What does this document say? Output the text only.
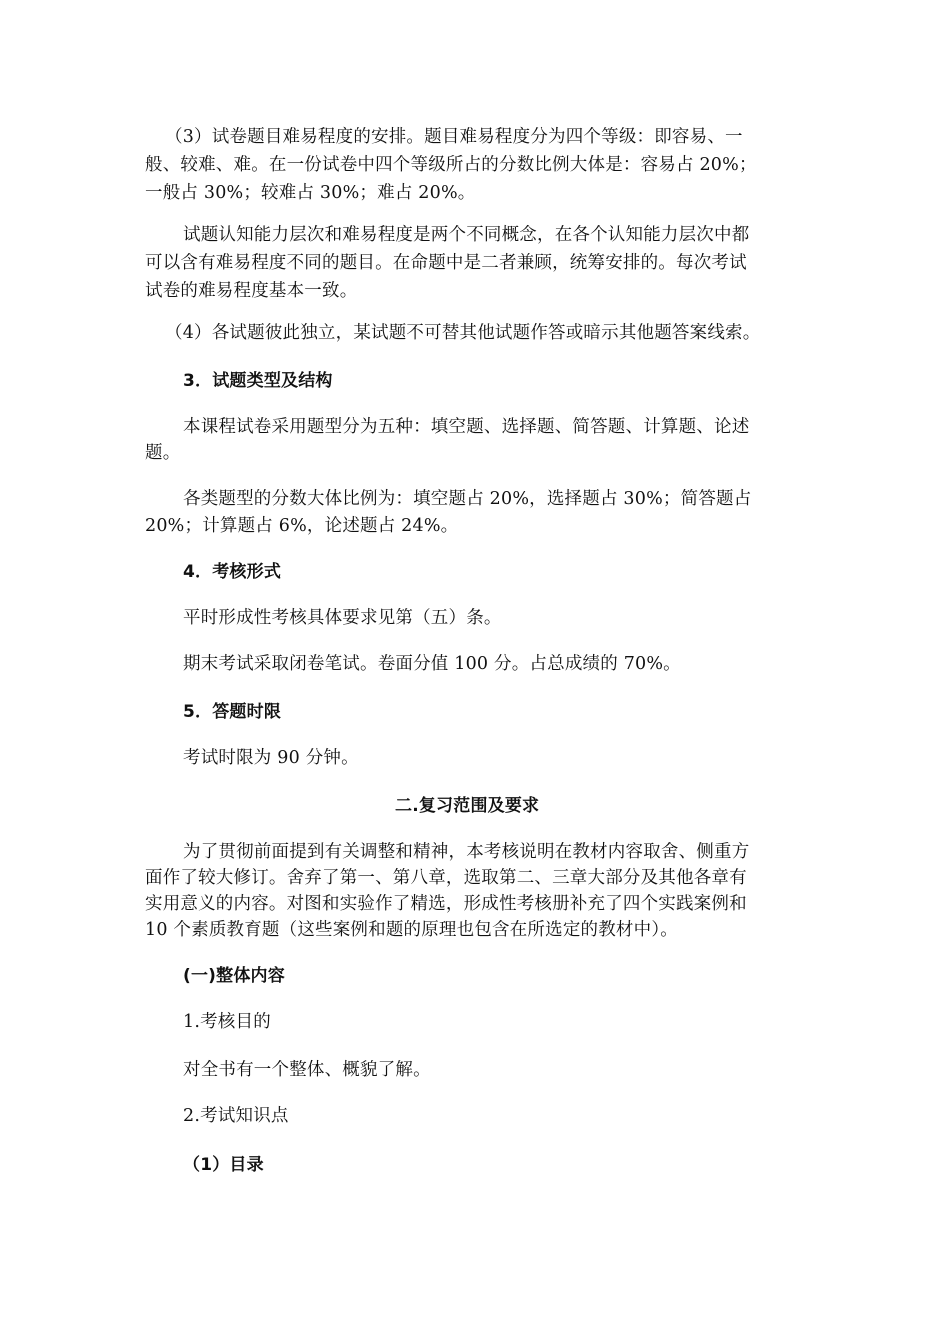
（3）试卷题目难易程度的安排。题目难易程度分为四个等级：即容易、一
般、较难、难。在一份试卷中四个等级所占的分数比例大体是：容易占 20%；
一般占 30%；较难占 30%；难占 20%。
试题认知能力层次和难易程度是两个不同概念，在各个认知能力层次中都
可以含有难易程度不同的题目。在命题中是二者兼顾，统筹安排的。每次考试
试卷的难易程度基本一致。
（4）各试题彼此独立，某试题不可替其他试题作答或暗示其他题答案线索。
3．试题类型及结构
本课程试卷采用题型分为五种：填空题、选择题、简答题、计算题、论述
题。
各类题型的分数大体比例为：填空题占 20%，选择题占 30%；简答题占
20%；计算题占 6%，论述题占 24%。
4．考核形式
平时形成性考核具体要求见第（五）条。
期末考试采取闭卷笔试。卷面分值 100 分。占总成绩的 70%。
5．答题时限
考试时限为 90 分钟。
二.复习范围及要求
为了贯彻前面提到有关调整和精神，本考核说明在教材内容取舍、侧重方
面作了较大修订。舍弃了第一、第八章，选取第二、三章大部分及其他各章有
实用意义的内容。对图和实验作了精选，形成性考核册补充了四个实践案例和
10 个素质教育题（这些案例和题的原理也包含在所选定的教材中）。
(一)整体内容
1.考核目的
对全书有一个整体、概貌了解。
2.考试知识点
（1）目录
